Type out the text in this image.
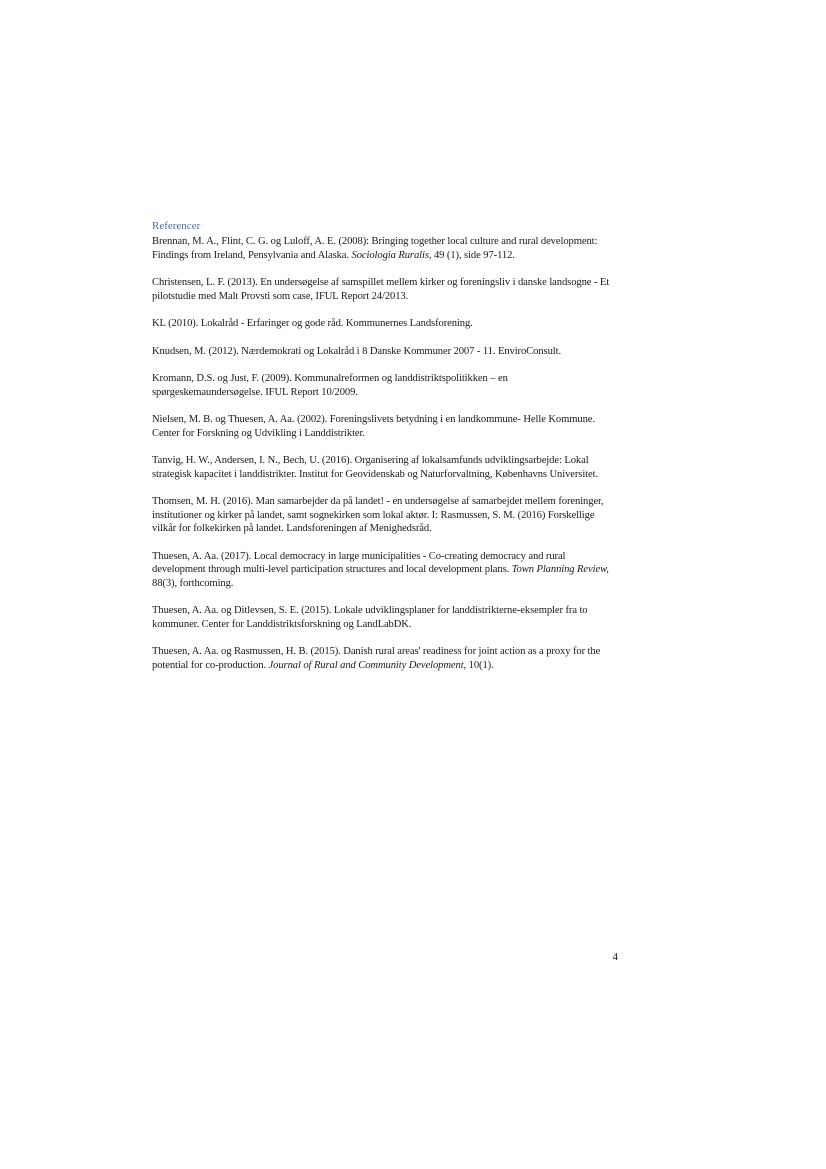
Referencer

Brennan, M. A., Flint, C. G. og Luloff, A. E. (2008): Bringing together local culture and rural development: Findings from Ireland, Pensylvania and Alaska. Sociologia Ruralis, 49 (1), side 97-112.

Christensen, L. F. (2013). En undersøgelse af samspillet mellem kirker og foreningsliv i danske landsogne - Et pilotstudie med Malt Provsti som case, IFUL Report 24/2013.

KL (2010). Lokalråd - Erfaringer og gode råd. Kommunernes Landsforening.

Knudsen, M. (2012). Nærdemokrati og Lokalråd i 8 Danske Kommuner 2007 - 11. EnviroConsult.

Kromann, D.S. og Just, F. (2009). Kommunalreformen og landdistriktspolitikken – en spørgeskemaundersøgelse. IFUL Report 10/2009.

Nielsen, M. B. og Thuesen, A. Aa. (2002). Foreningslivets betydning i en landkommune- Helle Kommune. Center for Forskning og Udvikling i Landdistrikter.

Tanvig, H. W., Andersen, I. N., Bech, U. (2016). Organisering af lokalsamfunds udviklingsarbejde: Lokal strategisk kapacitet i landdistrikter. Institut for Geovidenskab og Naturforvaltning, Københavns Universitet.

Thomsen, M. H. (2016). Man samarbejder da på landet! - en undersøgelse af samarbejdet mellem foreninger, institutioner og kirker på landet, samt sognekirken som lokal aktør. I: Rasmussen, S. M. (2016) Forskellige vilkår for folkekirken på landet. Landsforeningen af Menighedsråd.

Thuesen, A. Aa. (2017). Local democracy in large municipalities - Co-creating democracy and rural development through multi-level participation structures and local development plans. Town Planning Review, 88(3), forthcoming.

Thuesen, A. Aa. og Ditlevsen, S. E. (2015). Lokale udviklingsplaner for landdistrikterne-eksempler fra to kommuner. Center for Landdistriktsforskning og LandLabDK.

Thuesen, A. Aa. og Rasmussen, H. B. (2015). Danish rural areas' readiness for joint action as a proxy for the potential for co-production. Journal of Rural and Community Development, 10(1).

4
